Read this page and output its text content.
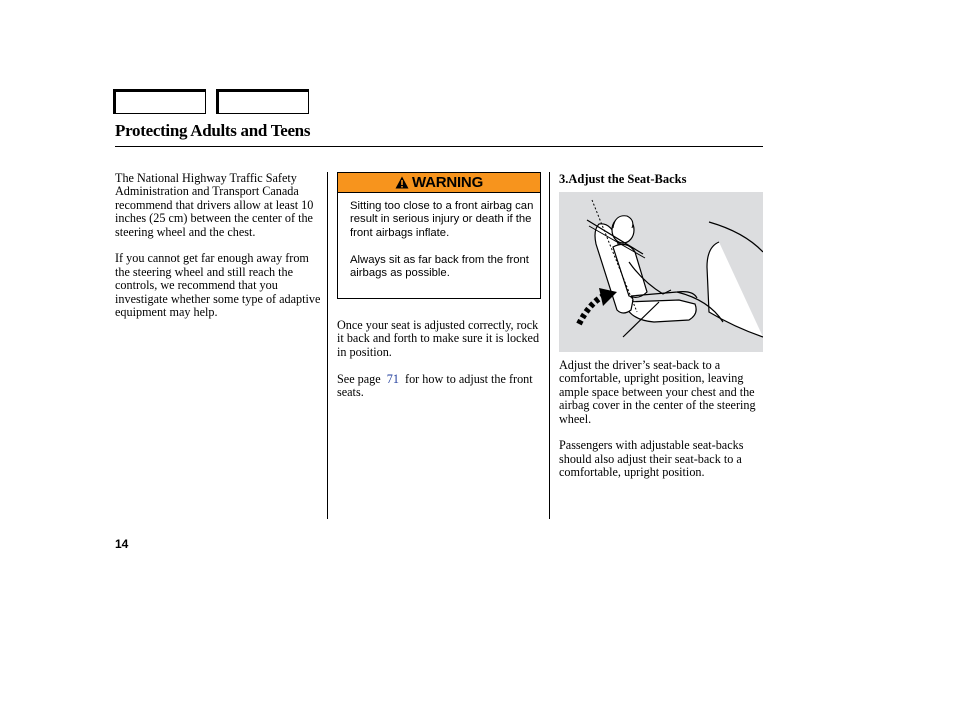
Protecting Adults and Teens

The National Highway Traffic Safety Administration and Transport Canada recommend that drivers allow at least 10 inches (25 cm) between the center of the steering wheel and the chest.

If you cannot get far enough away from the steering wheel and still reach the controls, we recommend that you investigate whether some type of adaptive equipment may help.

WARNING

Sitting too close to a front airbag can result in serious injury or death if the front airbags inflate.

Always sit as far back from the front airbags as possible.

Once your seat is adjusted correctly, rock it back and forth to make sure it is locked in position.

See page 71 for how to adjust the front seats.

3.Adjust the Seat-Backs

Adjust the driver’s seat-back to a comfortable, upright position, leaving ample space between your chest and the airbag cover in the center of the steering wheel.

Passengers with adjustable seat-backs should also adjust their seat-back to a comfortable, upright position.

14
